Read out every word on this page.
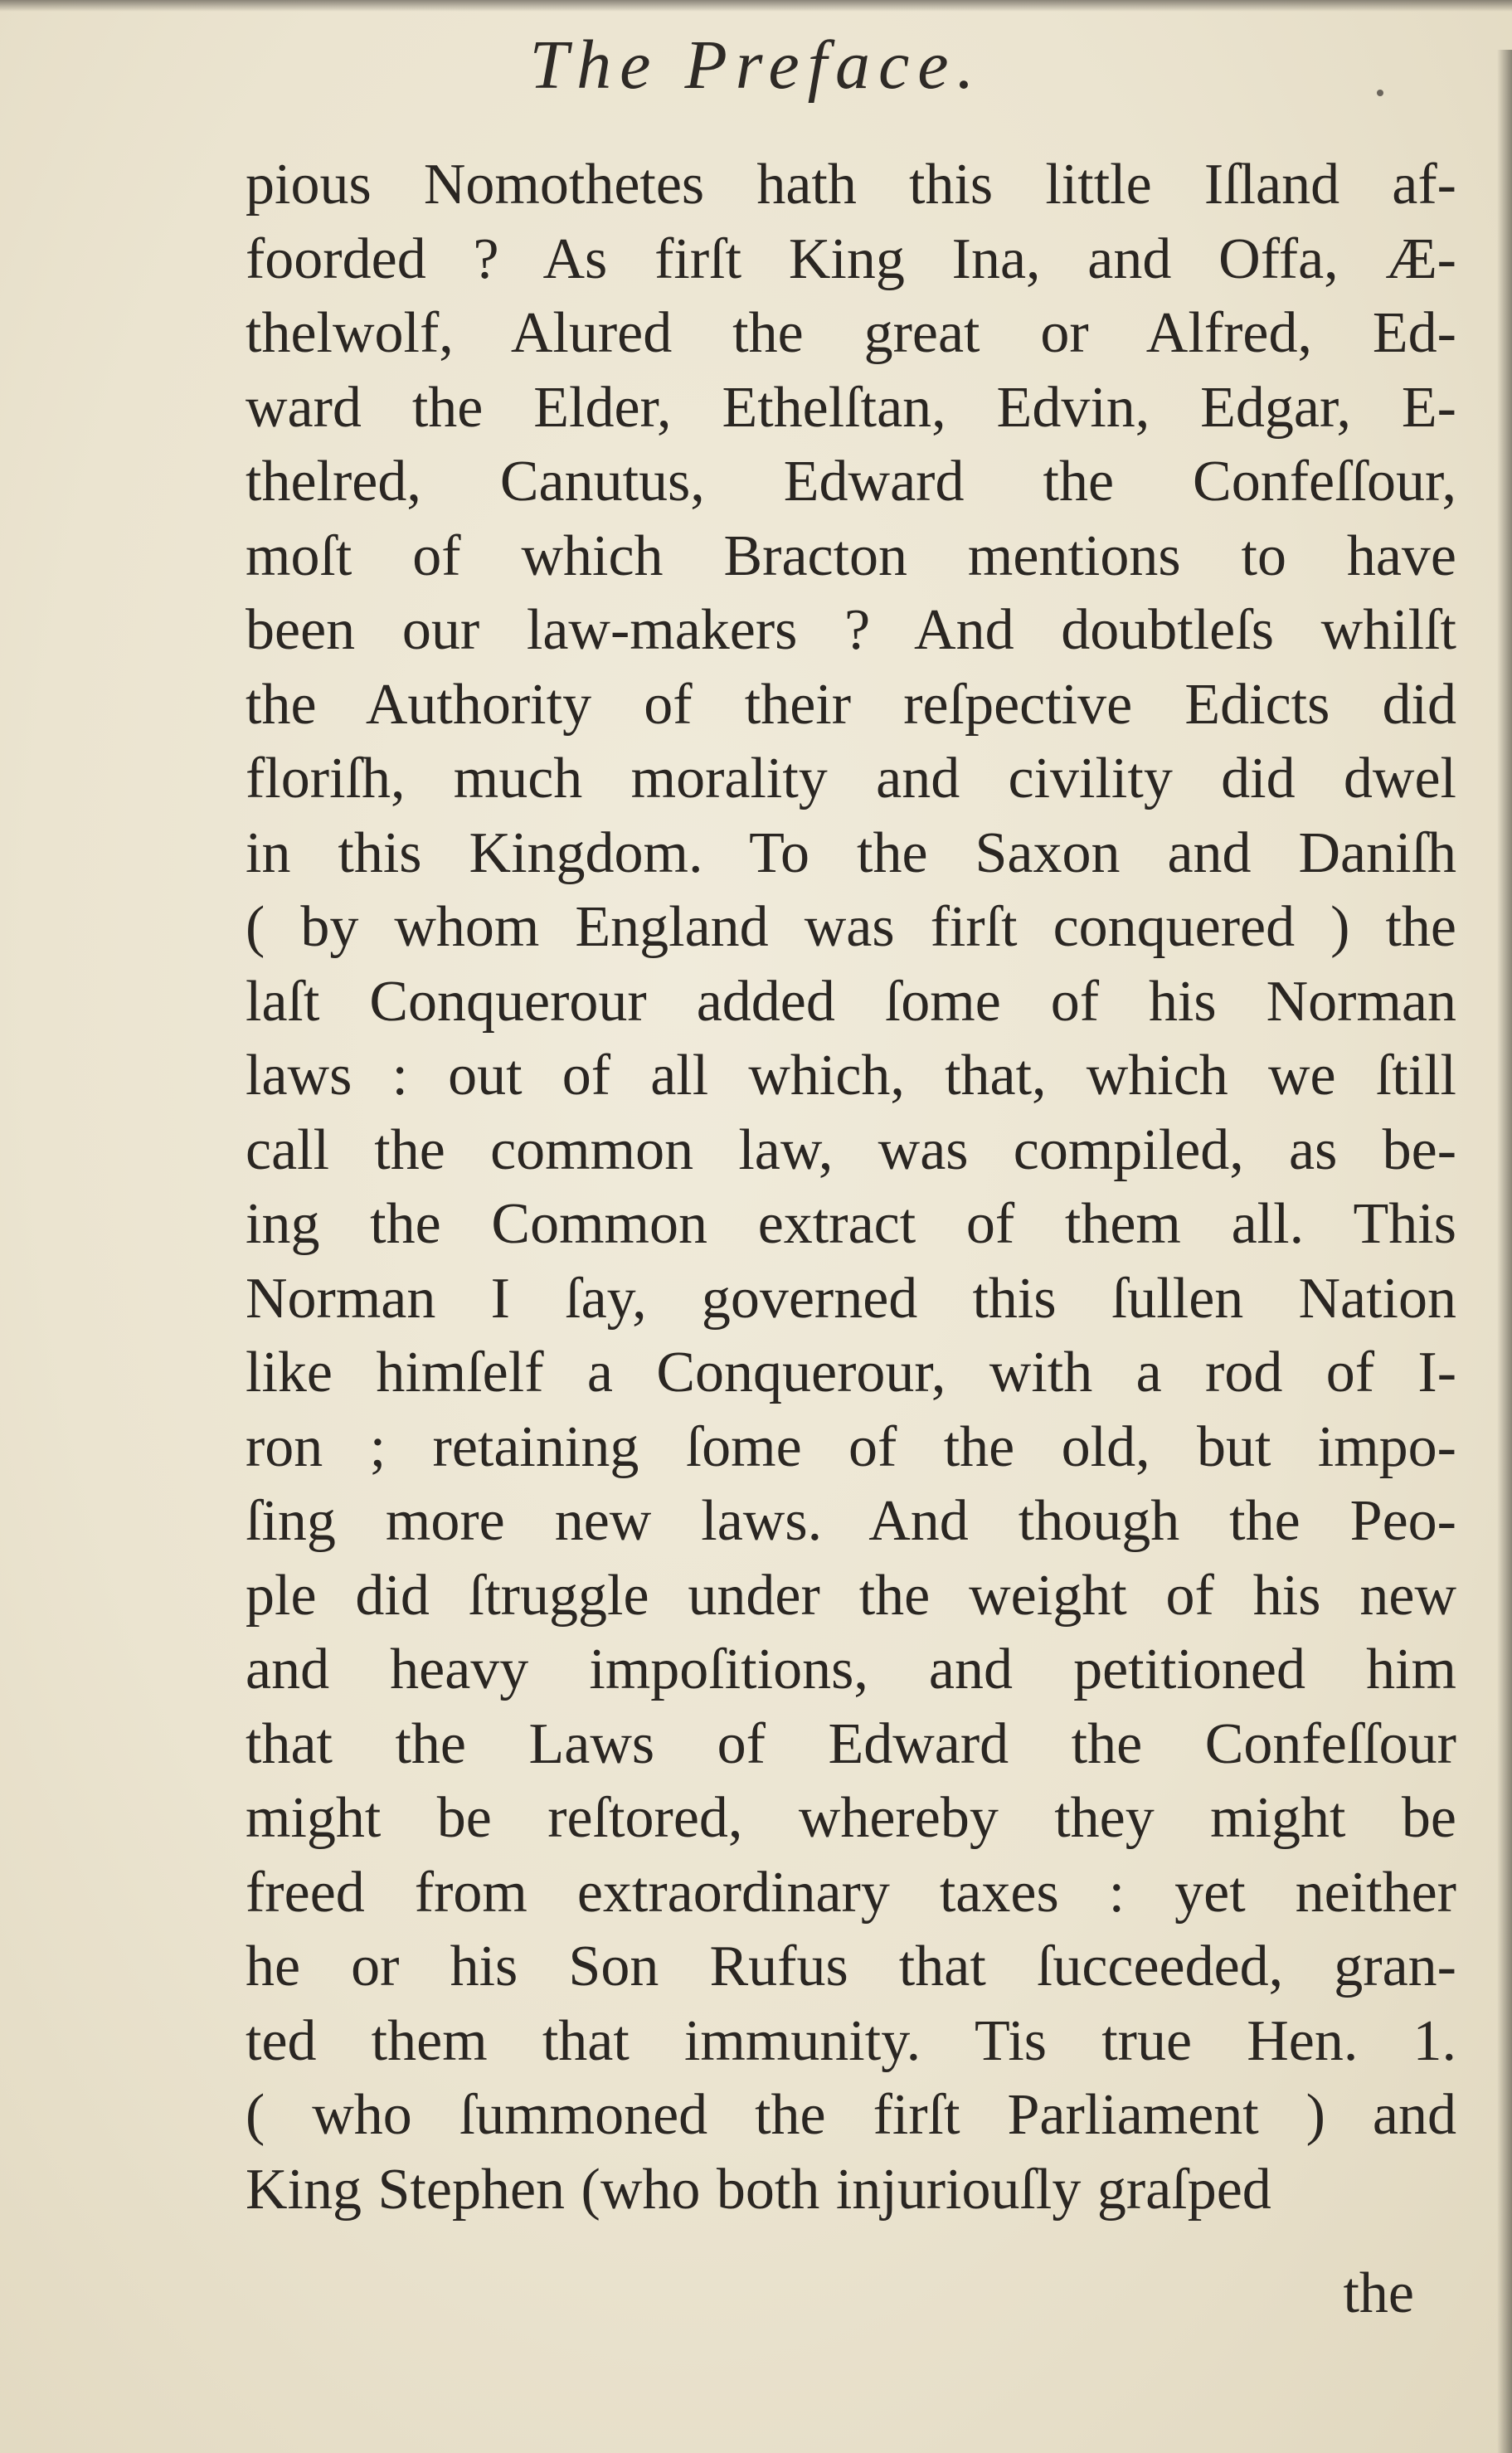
The Preface.
pious Nomothetes hath this little Iſland af-
foorded ? As firſt King Ina, and Offa, Æ-
thelwolf, Alured the great or Alfred, Ed-
ward the Elder, Ethelſtan, Edvin, Edgar, E-
thelred, Canutus, Edward the Confeſſour,
moſt of which Bracton mentions to have
been our law-makers ? And doubtleſs whilſt
the Authority of their reſpective Edicts did
floriſh, much morality and civility did dwel
in this Kingdom. To the Saxon and Daniſh
( by whom England was firſt conquered ) the
laſt Conquerour added ſome of his Norman
laws : out of all which, that, which we ſtill
call the common law, was compiled, as be-
ing the Common extract of them all. This
Norman I ſay, governed this ſullen Nation
like himſelf a Conquerour, with a rod of I-
ron ; retaining ſome of the old, but impo-
ſing more new laws. And though the Peo-
ple did ſtruggle under the weight of his new
and heavy impoſitions, and petitioned him
that the Laws of Edward the Confeſſour
might be reſtored, whereby they might be
freed from extraordinary taxes : yet neither
he or his Son Rufus that ſucceeded, gran-
ted them that immunity. Tis true Hen. 1.
( who ſummoned the firſt Parliament ) and
King Stephen (who both injuriouſly graſped
the
